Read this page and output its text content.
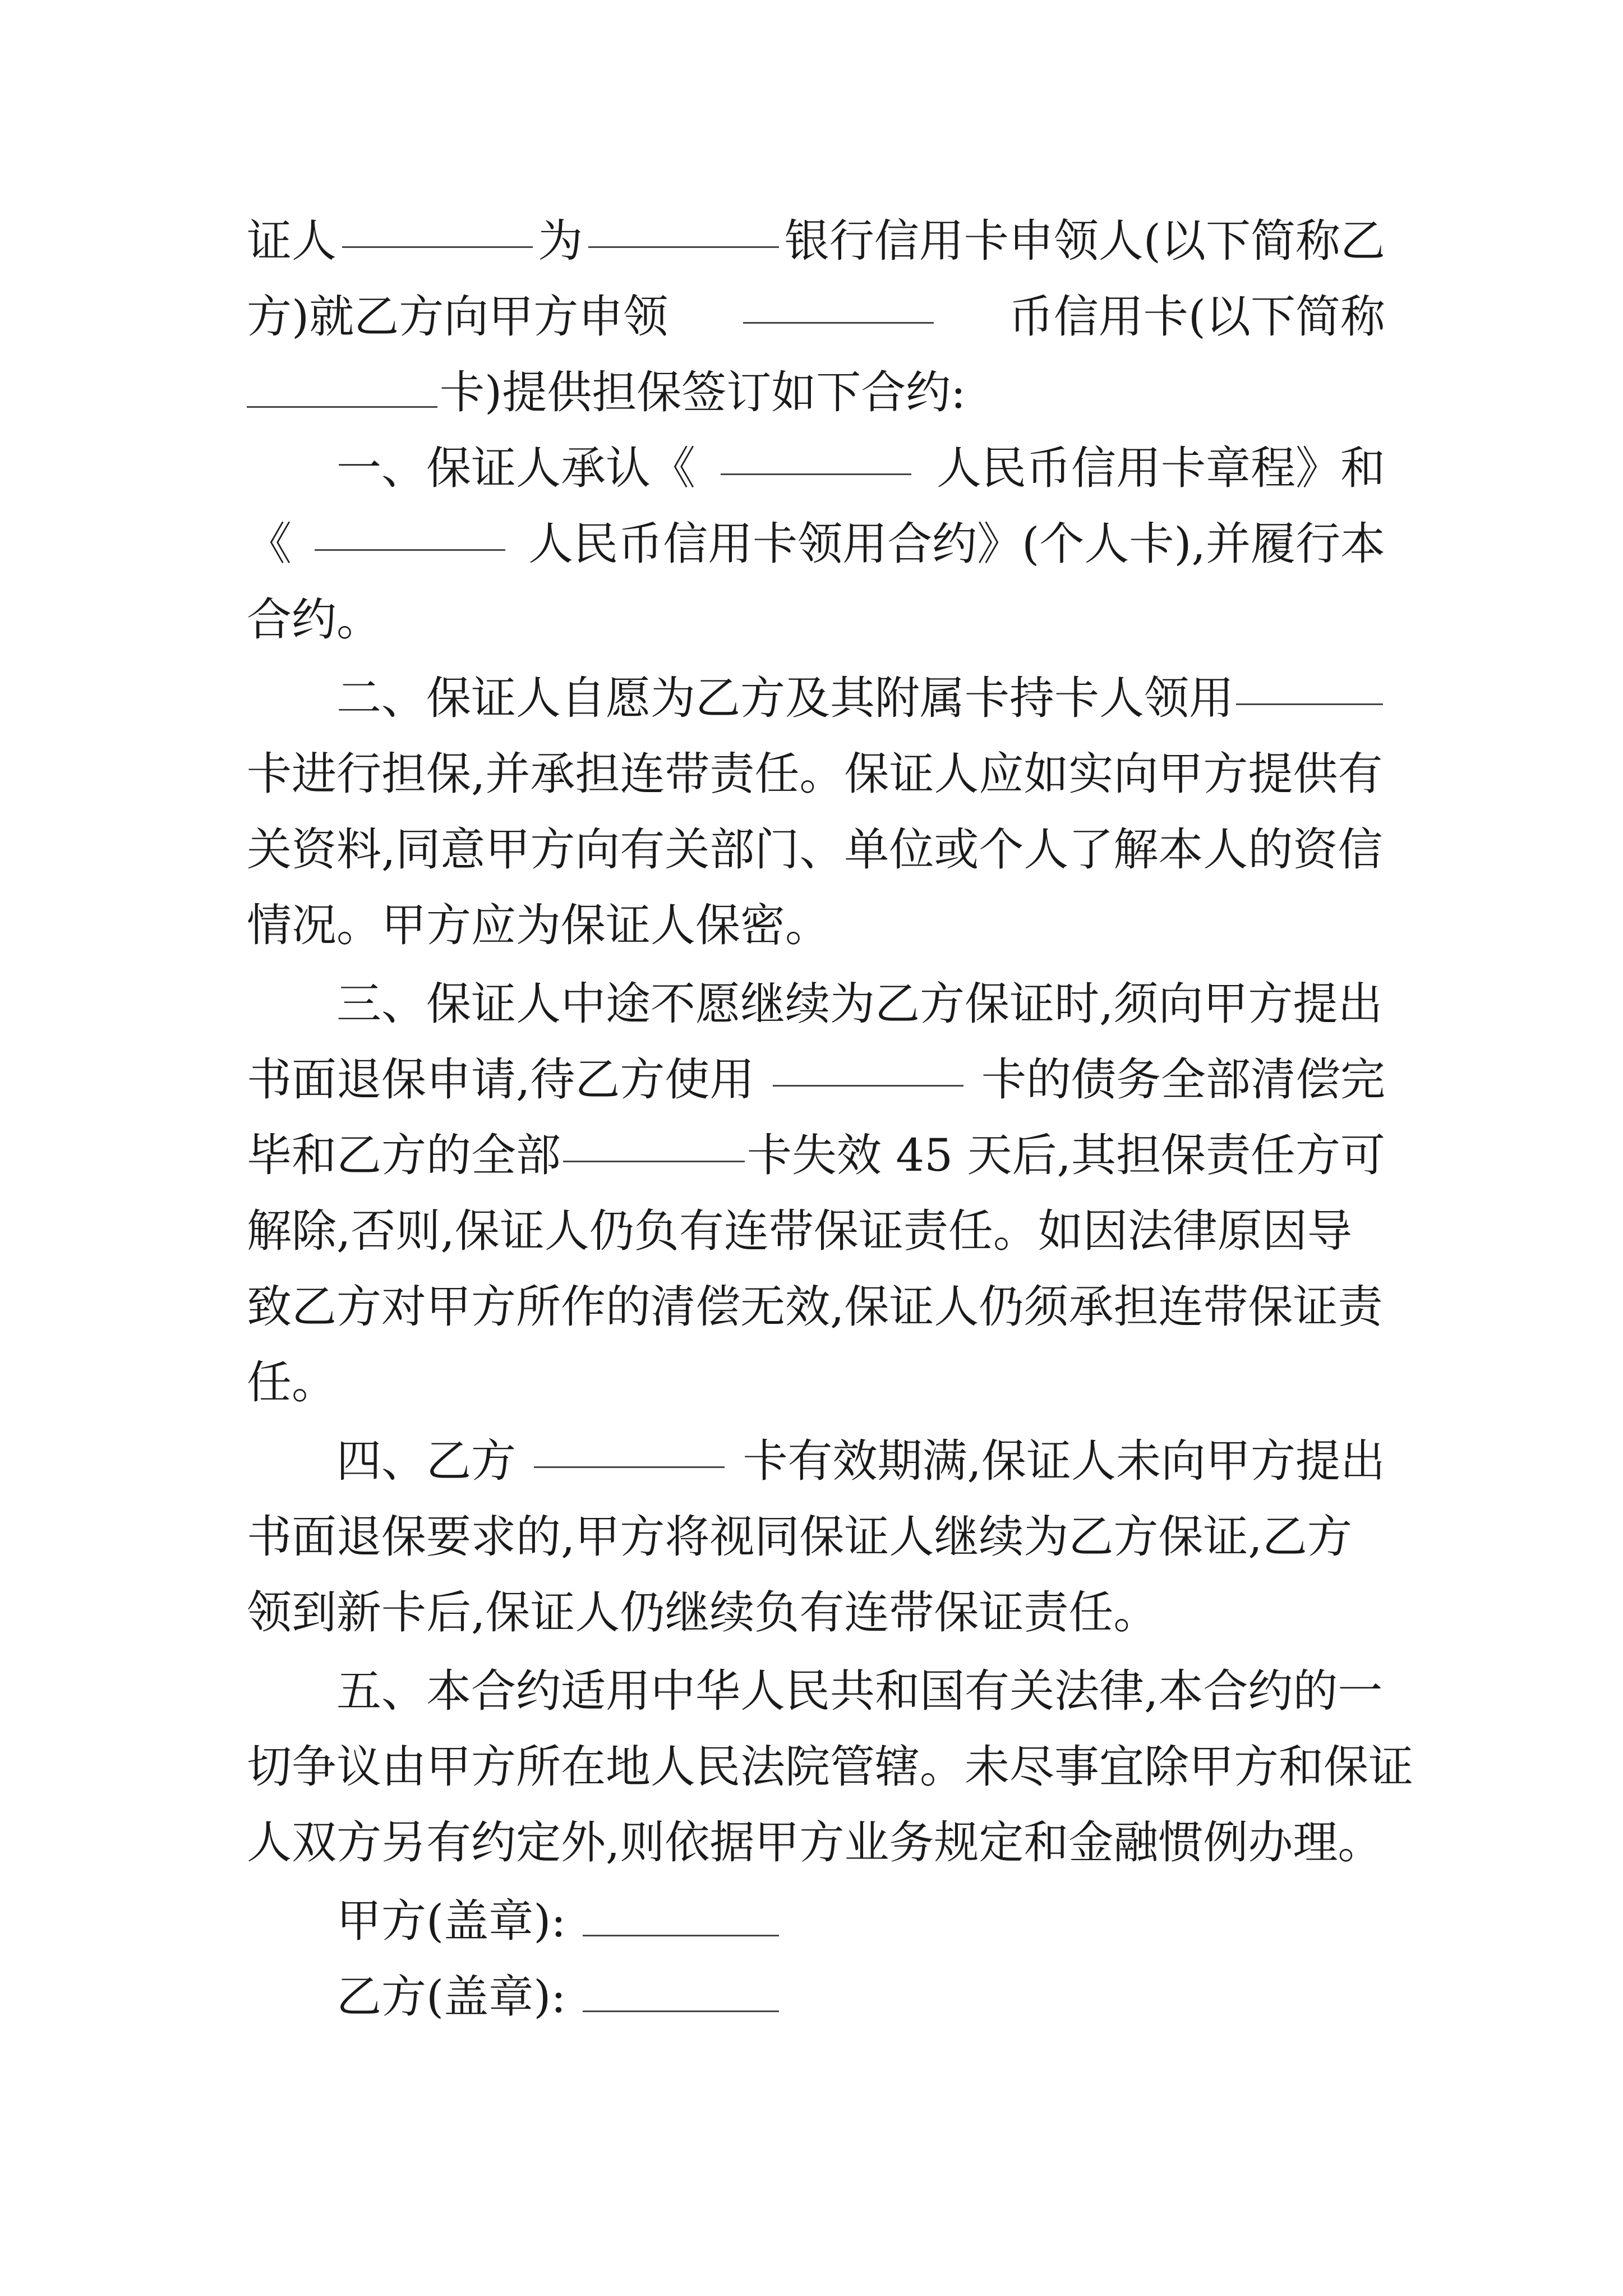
证人	为	银行信用卡申领人(以下简称乙
方)就乙方向甲方申领	币信用卡(以下简称
卡)提供担保签订如下合约:
一、保证人承认《	人民币信用卡章程》和
《	人民币信用卡领用合约》(个人卡),并履行本
合约。
二、保证人自愿为乙方及其附属卡持卡人领用
卡进行担保,并承担连带责任。保证人应如实向甲方提供有
关资料,同意甲方向有关部门、单位或个人了解本人的资信
情况。甲方应为保证人保密。
三、保证人中途不愿继续为乙方保证时,须向甲方提出
书面退保申请,待乙方使用	卡的债务全部清偿完
毕和乙方的全部	卡失效 45 天后,其担保责任方可
解除,否则,保证人仍负有连带保证责任。如因法律原因导
致乙方对甲方所作的清偿无效,保证人仍须承担连带保证责
任。
四、乙方	卡有效期满,保证人未向甲方提出
书面退保要求的,甲方将视同保证人继续为乙方保证,乙方
领到新卡后,保证人仍继续负有连带保证责任。
五、本合约适用中华人民共和国有关法律,本合约的一
切争议由甲方所在地人民法院管辖。未尽事宜除甲方和保证
人双方另有约定外,则依据甲方业务规定和金融惯例办理。
甲方(盖章):
乙方(盖章):
